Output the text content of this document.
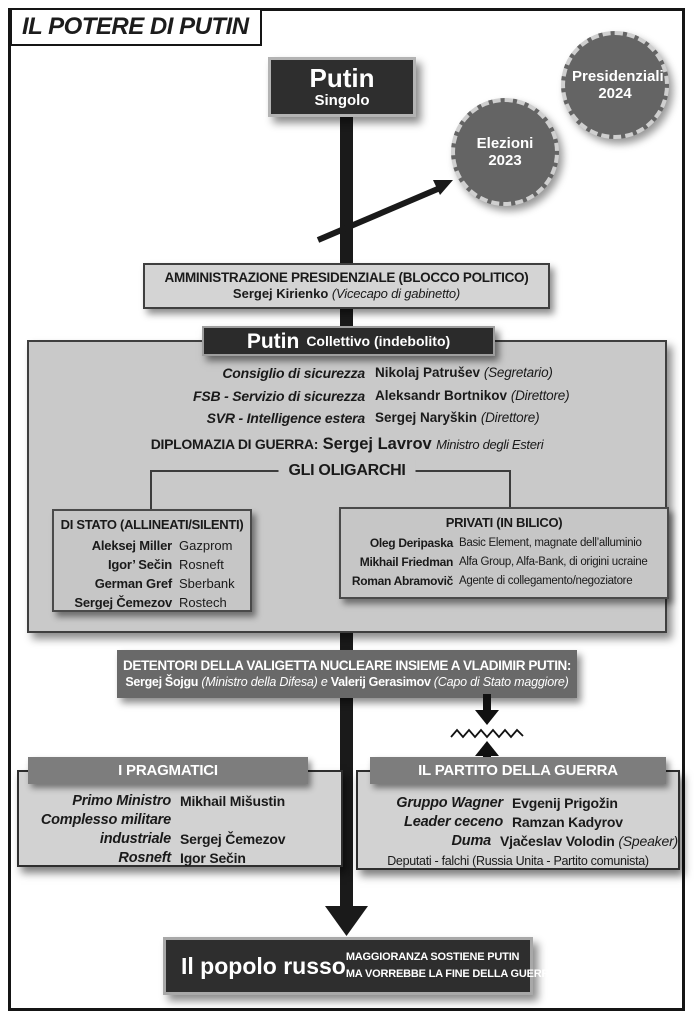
IL POTERE DI PUTIN
Putin
Singolo
Presidenziali 2024
Elezioni 2023
AMMINISTRAZIONE PRESIDENZIALE (BLOCCO POLITICO)
Sergej Kirienko (Vicecapo di gabinetto)
Putin Collettivo (indebolito)
Consiglio di sicurezza Nikolaj Patrušev (Segretario)
FSB - Servizio di sicurezza Aleksandr Bortnikov (Direttore)
SVR - Intelligence estera Sergej Naryškin (Direttore)
DIPLOMAZIA DI GUERRA: Sergej Lavrov Ministro degli Esteri
GLI OLIGARCHI
DI STATO (ALLINEATI/SILENTI)
Aleksej Miller Gazprom
Igor’ Sečin Rosneft
German Gref Sberbank
Sergej Čemezov Rostech
PRIVATI (IN BILICO)
Oleg Deripaska Basic Element, magnate dell’alluminio
Mikhail Friedman Alfa Group, Alfa-Bank, di origini ucraine
Roman Abramovič Agente di collegamento/negoziatore
DETENTORI DELLA VALIGETTA NUCLEARE INSIEME A VLADIMIR PUTIN:
Sergej Šojgu (Ministro della Difesa) e Valerij Gerasimov (Capo di Stato maggiore)
Primo Ministro Mikhail Mišustin
Complesso militare industriale Sergej Čemezov
Rosneft Igor Sečin
I PRAGMATICI
Gruppo Wagner Evgenij Prigožin
Leader ceceno Ramzan Kadyrov
Duma Vjačeslav Volodin (Speaker)
Deputati - falchi (Russia Unita - Partito comunista)
IL PARTITO DELLA GUERRA
Il popolo russo MAGGIORANZA SOSTIENE PUTIN
MA VORREBBE LA FINE DELLA GUERRA
